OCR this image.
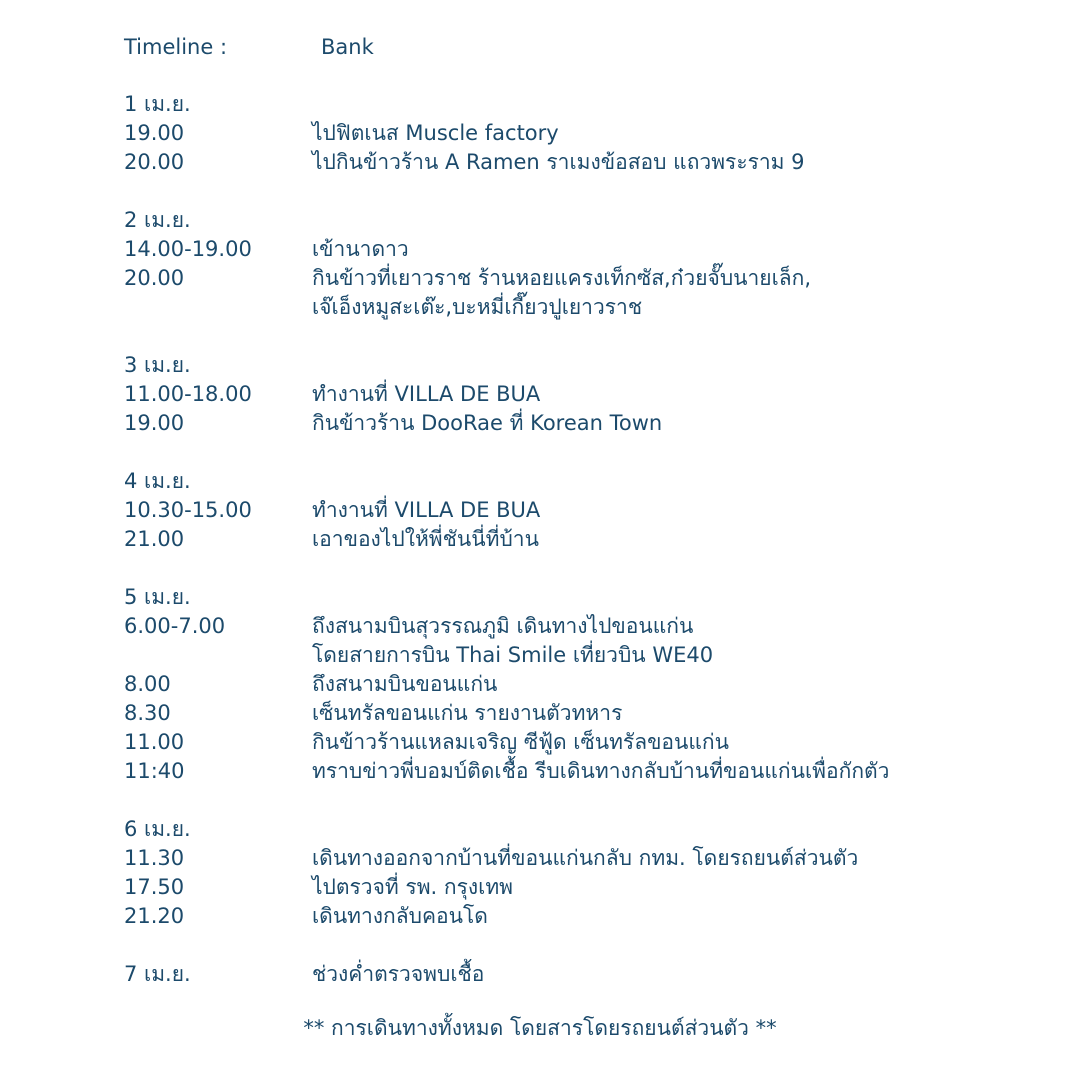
Timeline :	Bank
1 เม.ย.
19.00	ไปฟิตเนส Muscle factory
20.00	ไปกินข้าวร้าน A Ramen ราเมงข้อสอบ แถวพระราม 9
2 เม.ย.
14.00-19.00	เข้านาดาว
20.00	กินข้าวที่เยาวราช ร้านหอยแครงเท็กซัส,ก๋วยจั๊บนายเล็ก,
เจ๊เอ็งหมูสะเต๊ะ,บะหมี่เกี๊ยวปูเยาวราช
3 เม.ย.
11.00-18.00	ทำงานที่ VILLA DE BUA
19.00	กินข้าวร้าน DooRae ที่ Korean Town
4 เม.ย.
10.30-15.00	ทำงานที่ VILLA DE BUA
21.00	เอาของไปให้พี่ชันนี่ที่บ้าน
5 เม.ย.
6.00-7.00	ถึงสนามบินสุวรรณภูมิ เดินทางไปขอนแก่น
โดยสายการบิน Thai Smile เที่ยวบิน WE40
8.00	ถึงสนามบินขอนแก่น
8.30	เซ็นทรัลขอนแก่น รายงานตัวทหาร
11.00	กินข้าวร้านแหลมเจริญ ซีฟู้ด เซ็นทรัลขอนแก่น
11:40	ทราบข่าวพี่บอมบ์ติดเชื้อ รีบเดินทางกลับบ้านที่ขอนแก่นเพื่อกักตัว
6 เม.ย.
11.30	เดินทางออกจากบ้านที่ขอนแก่นกลับ กทม. โดยรถยนต์ส่วนตัว
17.50	ไปตรวจที่ รพ. กรุงเทพ
21.20	เดินทางกลับคอนโด
7 เม.ย.	ช่วงค่ำตรวจพบเชื้อ
** การเดินทางทั้งหมด โดยสารโดยรถยนต์ส่วนตัว **
